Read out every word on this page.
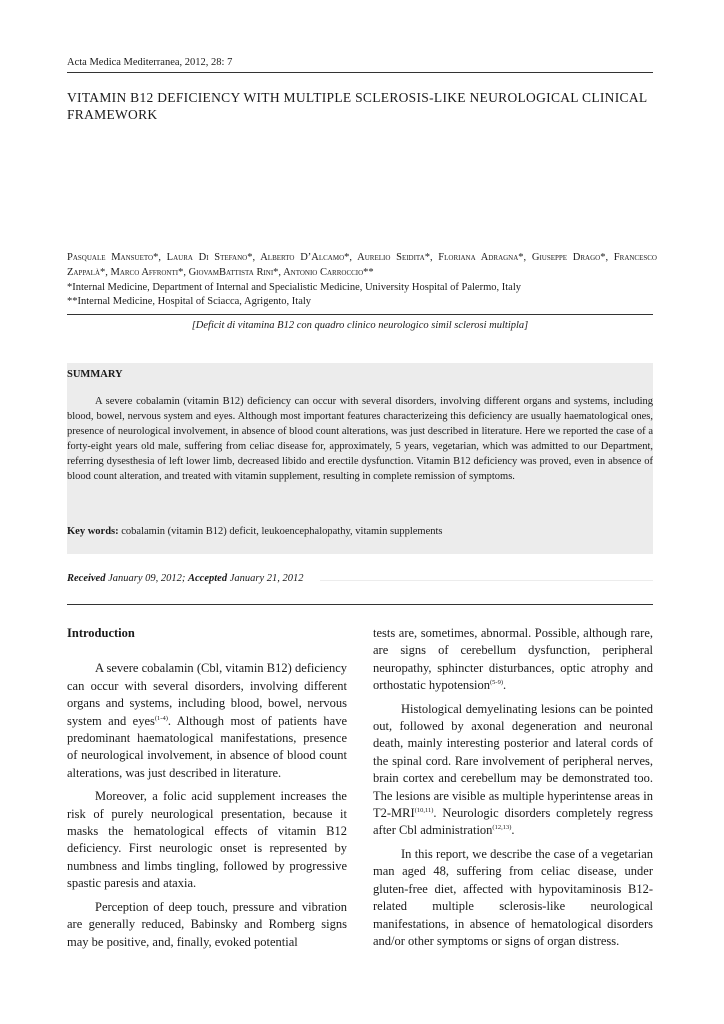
Acta Medica Mediterranea, 2012, 28: 7
VITAMIN B12 DEFICIENCY WITH MULTIPLE SCLEROSIS-LIKE NEUROLOGICAL CLINICAL FRAMEWORK
Pasquale Mansueto*, Laura Di Stefano*, Alberto D’Alcamo*, Aurelio Seidita*, Floriana Adragna*, Giuseppe Drago*, Francesco Zappalà*, Marco Affronti*, GiovamBattista Rini*, Antonio Carroccio**
*Internal Medicine, Department of Internal and Specialistic Medicine, University Hospital of Palermo, Italy
**Internal Medicine, Hospital of Sciacca, Agrigento, Italy
[Deficit di vitamina B12 con quadro clinico neurologico simil sclerosi multipla]
SUMMARY
A severe cobalamin (vitamin B12) deficiency can occur with several disorders, involving different organs and systems, including blood, bowel, nervous system and eyes. Although most important features characterizeing this deficiency are usually haematological ones, presence of neurological involvement, in absence of blood count alterations, was just described in literature. Here we reported the case of a forty-eight years old male, suffering from celiac disease for, approximately, 5 years, vegetarian, which was admitted to our Department, referring dysesthesia of left lower limb, decreased libido and erectile dysfunction. Vitamin B12 deficiency was proved, even in absence of blood count alteration, and treated with vitamin supplement, resulting in complete remission of symptoms.
Key words: cobalamin (vitamin B12) deficit, leukoencephalopathy, vitamin supplements
Received January 09, 2012; Accepted January 21, 2012

Introduction

A severe cobalamin (Cbl, vitamin B12) deficiency can occur with several disorders, involving different organs and systems, including blood, bowel, nervous system and eyes$^{(1-4)}$. Although most of patients have predominant haematological manifestations, presence of neurological involvement, in absence of blood count alterations, was just described in literature.

Moreover, a folic acid supplement increases the risk of purely neurological presentation, because it masks the hematological effects of vitamin B12 deficiency. First neurologic onset is represented by numbness and limbs tingling, followed by progressive spastic paresis and ataxia.

Perception of deep touch, pressure and vibration are generally reduced, Babinsky and Romberg signs may be positive, and, finally, evoked potential

tests are, sometimes, abnormal. Possible, although rare, are signs of cerebellum dysfunction, peripheral neuropathy, sphincter disturbances, optic atrophy and orthostatic hypotension$^{(5-9)}$.

Histological demyelinating lesions can be pointed out, followed by axonal degeneration and neuronal death, mainly interesting posterior and lateral cords of the spinal cord. Rare involvement of peripheral nerves, brain cortex and cerebellum may be demonstrated too. The lesions are visible as multiple hyperintense areas in T2-MRI$^{(10,11)}$. Neurologic disorders completely regress after Cbl administration$^{(12,13)}$.

In this report, we describe the case of a vegetarian man aged 48, suffering from celiac disease, under gluten-free diet, affected with hypovitaminosis B12-related multiple sclerosis-like neurological manifestations, in absence of hematological disorders and/or other symptoms or signs of organ distress.
